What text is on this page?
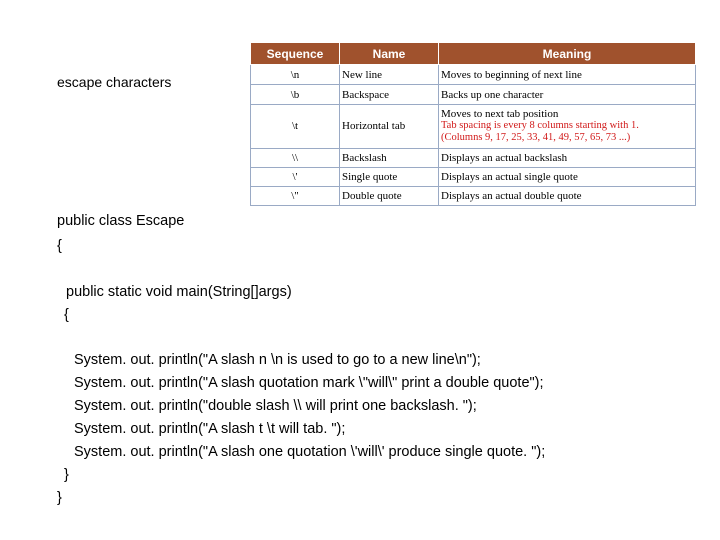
escape characters
Sequence	Name	Meaning
\n	New line	Moves to beginning of next line
\b	Backspace	Backs up one character
\t	Horizontal tab	Moves to next tab position
Tab spacing is every 8 columns starting with 1.
(Columns 9, 17, 25, 33, 41, 49, 57, 65, 73 ...)

\\	Backslash	Displays an actual backslash
\'	Single quote	Displays an actual single quote
\"	Double quote	Displays an actual double quote
public class Escape
{
public static void main(String[]args)
{
System. out. println("A slash n \n is used to go to a new line\n");
System. out. println("A slash quotation mark \"will\" print a double quote");
System. out. println("double slash \\ will print one backslash. ");
System. out. println("A slash t \t will tab. ");
System. out. println("A slash one quotation \'will\' produce single quote. ");
}
}
